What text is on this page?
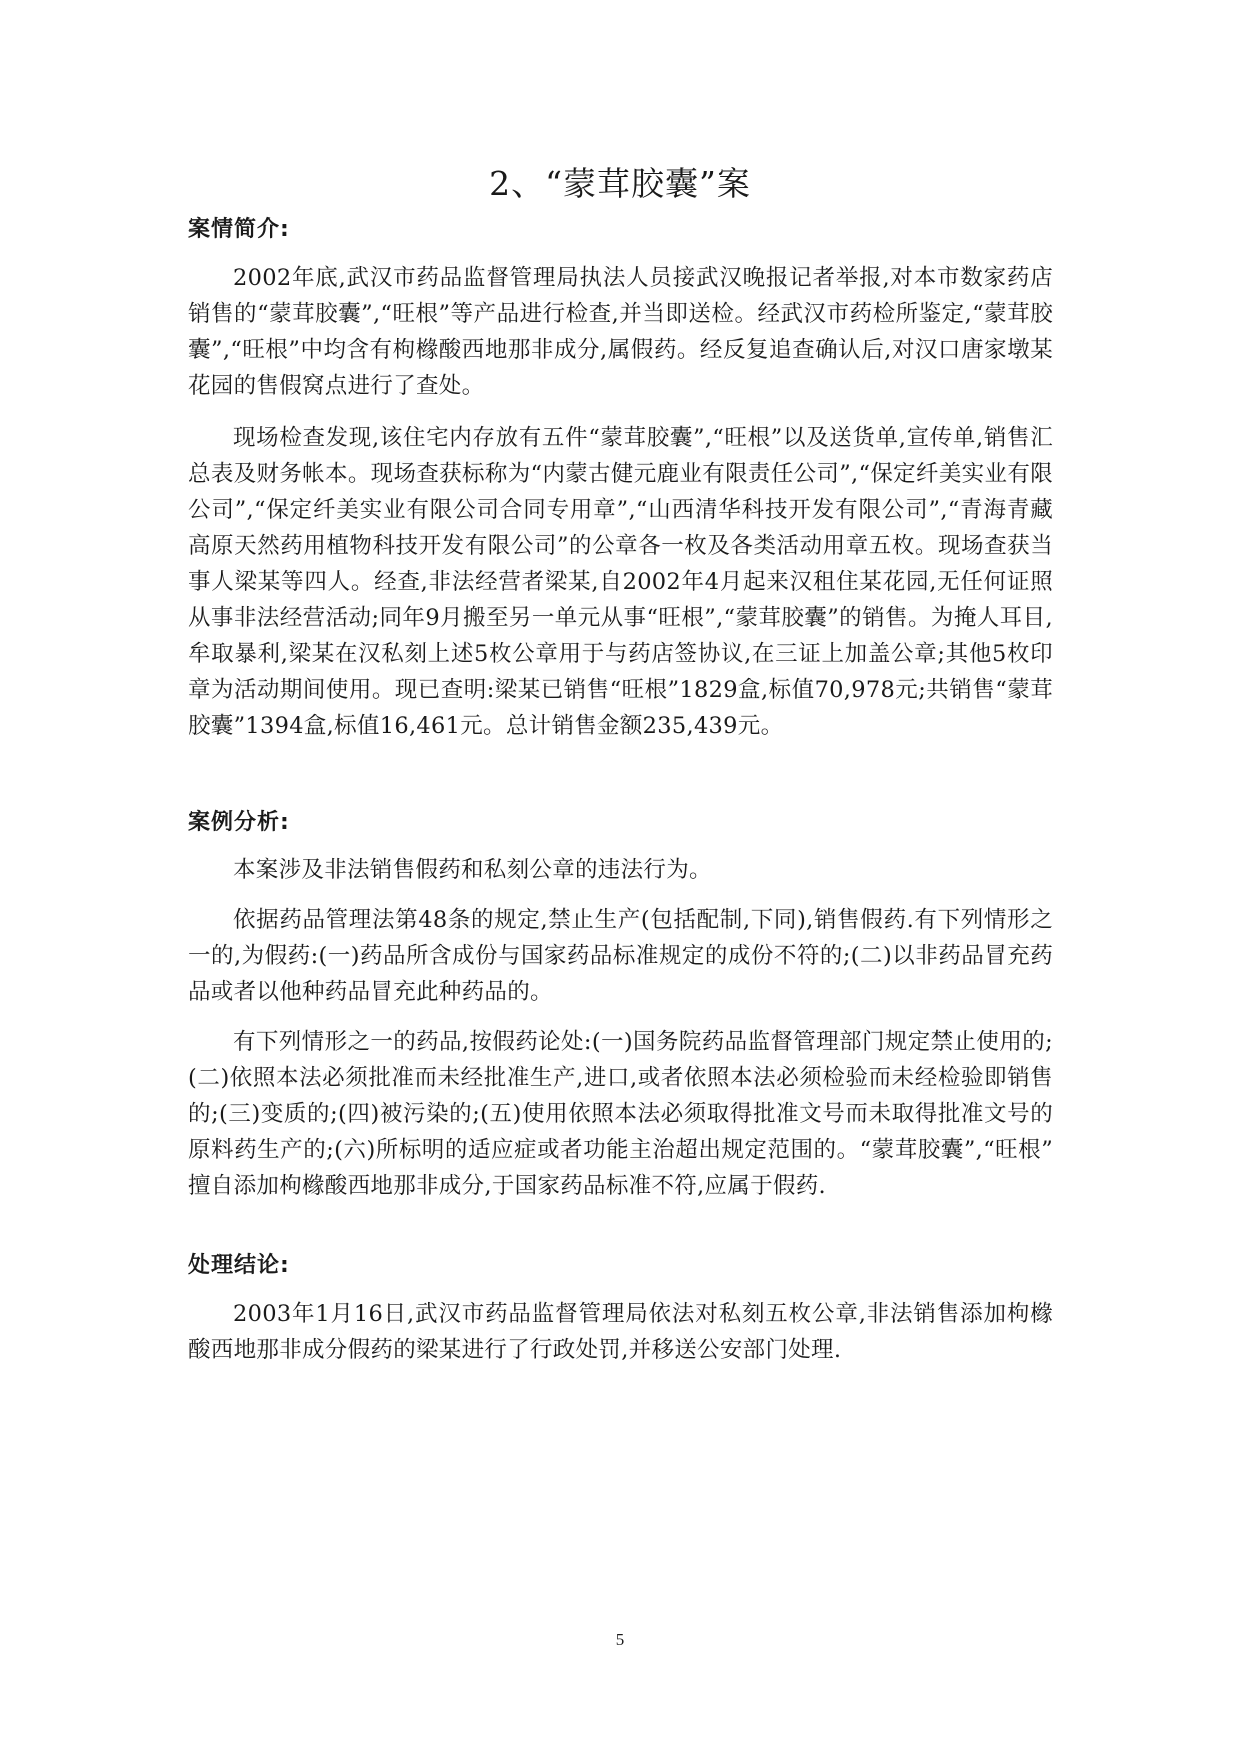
2、“蒙茸胶囊”案
案情简介:
2002年底,武汉市药品监督管理局执法人员接武汉晚报记者举报,对本市数家药店销售的“蒙茸胶囊”,“旺根”等产品进行检查,并当即送检。经武汉市药检所鉴定,“蒙茸胶囊”,“旺根”中均含有枸橼酸西地那非成分,属假药。经反复追查确认后,对汉口唐家墩某花园的售假窝点进行了查处。
现场检查发现,该住宅内存放有五件“蒙茸胶囊”,“旺根”以及送货单,宣传单,销售汇总表及财务帐本。现场查获标称为“内蒙古健元鹿业有限责任公司”,“保定纤美实业有限公司”,“保定纤美实业有限公司合同专用章”,“山西清华科技开发有限公司”,“青海青藏高原天然药用植物科技开发有限公司”的公章各一枚及各类活动用章五枚。现场查获当事人梁某等四人。经查,非法经营者梁某,自2002年4月起来汉租住某花园,无任何证照从事非法经营活动;同年9月搬至另一单元从事“旺根”,“蒙茸胶囊”的销售。为掩人耳目,牟取暴利,梁某在汉私刻上述5枚公章用于与药店签协议,在三证上加盖公章;其他5枚印章为活动期间使用。现已查明:梁某已销售“旺根”1829盒,标值70,978元;共销售“蒙茸胶囊”1394盒,标值16,461元。总计销售金额235,439元。
案例分析:
本案涉及非法销售假药和私刻公章的违法行为。
依据药品管理法第48条的规定,禁止生产(包括配制,下同),销售假药.有下列情形之一的,为假药:(一)药品所含成份与国家药品标准规定的成份不符的;(二)以非药品冒充药品或者以他种药品冒充此种药品的。
有下列情形之一的药品,按假药论处:(一)国务院药品监督管理部门规定禁止使用的;(二)依照本法必须批准而未经批准生产,进口,或者依照本法必须检验而未经检验即销售的;(三)变质的;(四)被污染的;(五)使用依照本法必须取得批准文号而未取得批准文号的原料药生产的;(六)所标明的适应症或者功能主治超出规定范围的。“蒙茸胶囊”,“旺根” 擅自添加枸橼酸西地那非成分,于国家药品标准不符,应属于假药.
处理结论:
2003年1月16日,武汉市药品监督管理局依法对私刻五枚公章,非法销售添加枸橼酸西地那非成分假药的梁某进行了行政处罚,并移送公安部门处理.
5
